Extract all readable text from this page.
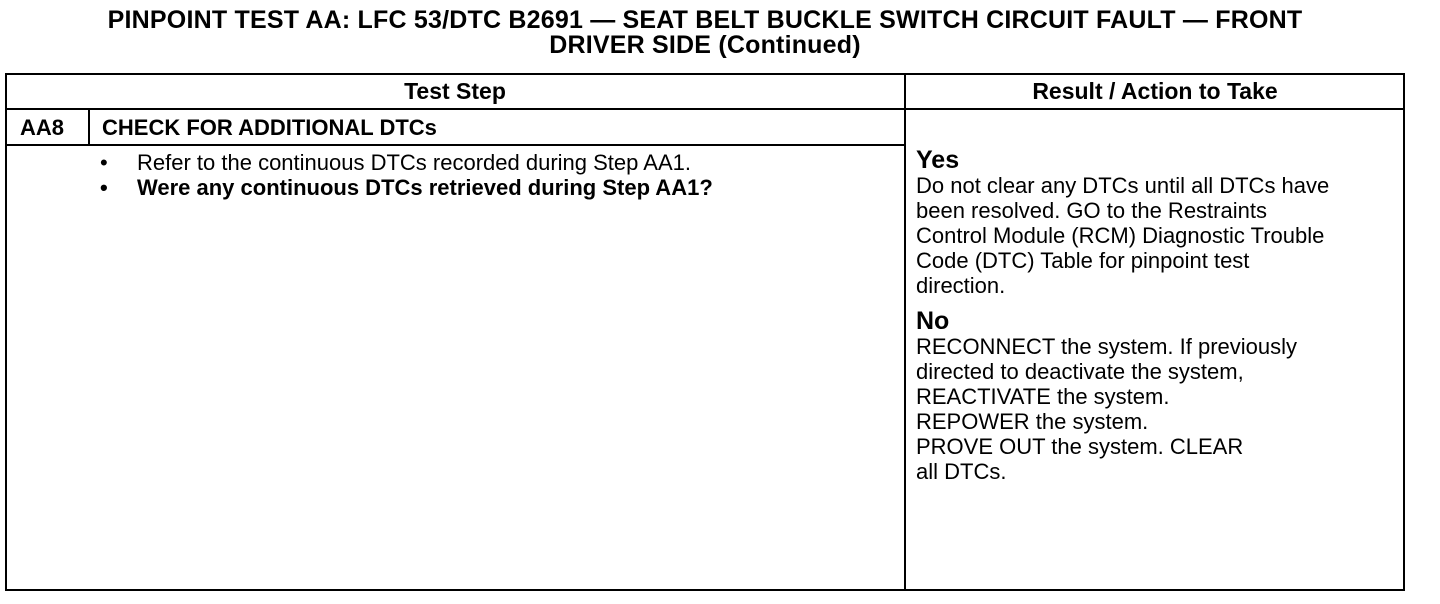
PINPOINT TEST AA: LFC 53/DTC B2691 — SEAT BELT BUCKLE SWITCH CIRCUIT FAULT — FRONT
DRIVER SIDE (Continued)
Test Step	Result / Action to Take
AA8 CHECK FOR ADDITIONAL DTCs
• Refer to the continuous DTCs recorded during Step AA1.
• Were any continuous DTCs retrieved during Step AA1?
Yes
Do not clear any DTCs until all DTCs have
been resolved. GO to the Restraints
Control Module (RCM) Diagnostic Trouble
Code (DTC) Table for pinpoint test
direction.
No
RECONNECT the system. If previously
directed to deactivate the system,
REACTIVATE the system.
REPOWER the system.
PROVE OUT the system. CLEAR
all DTCs.
